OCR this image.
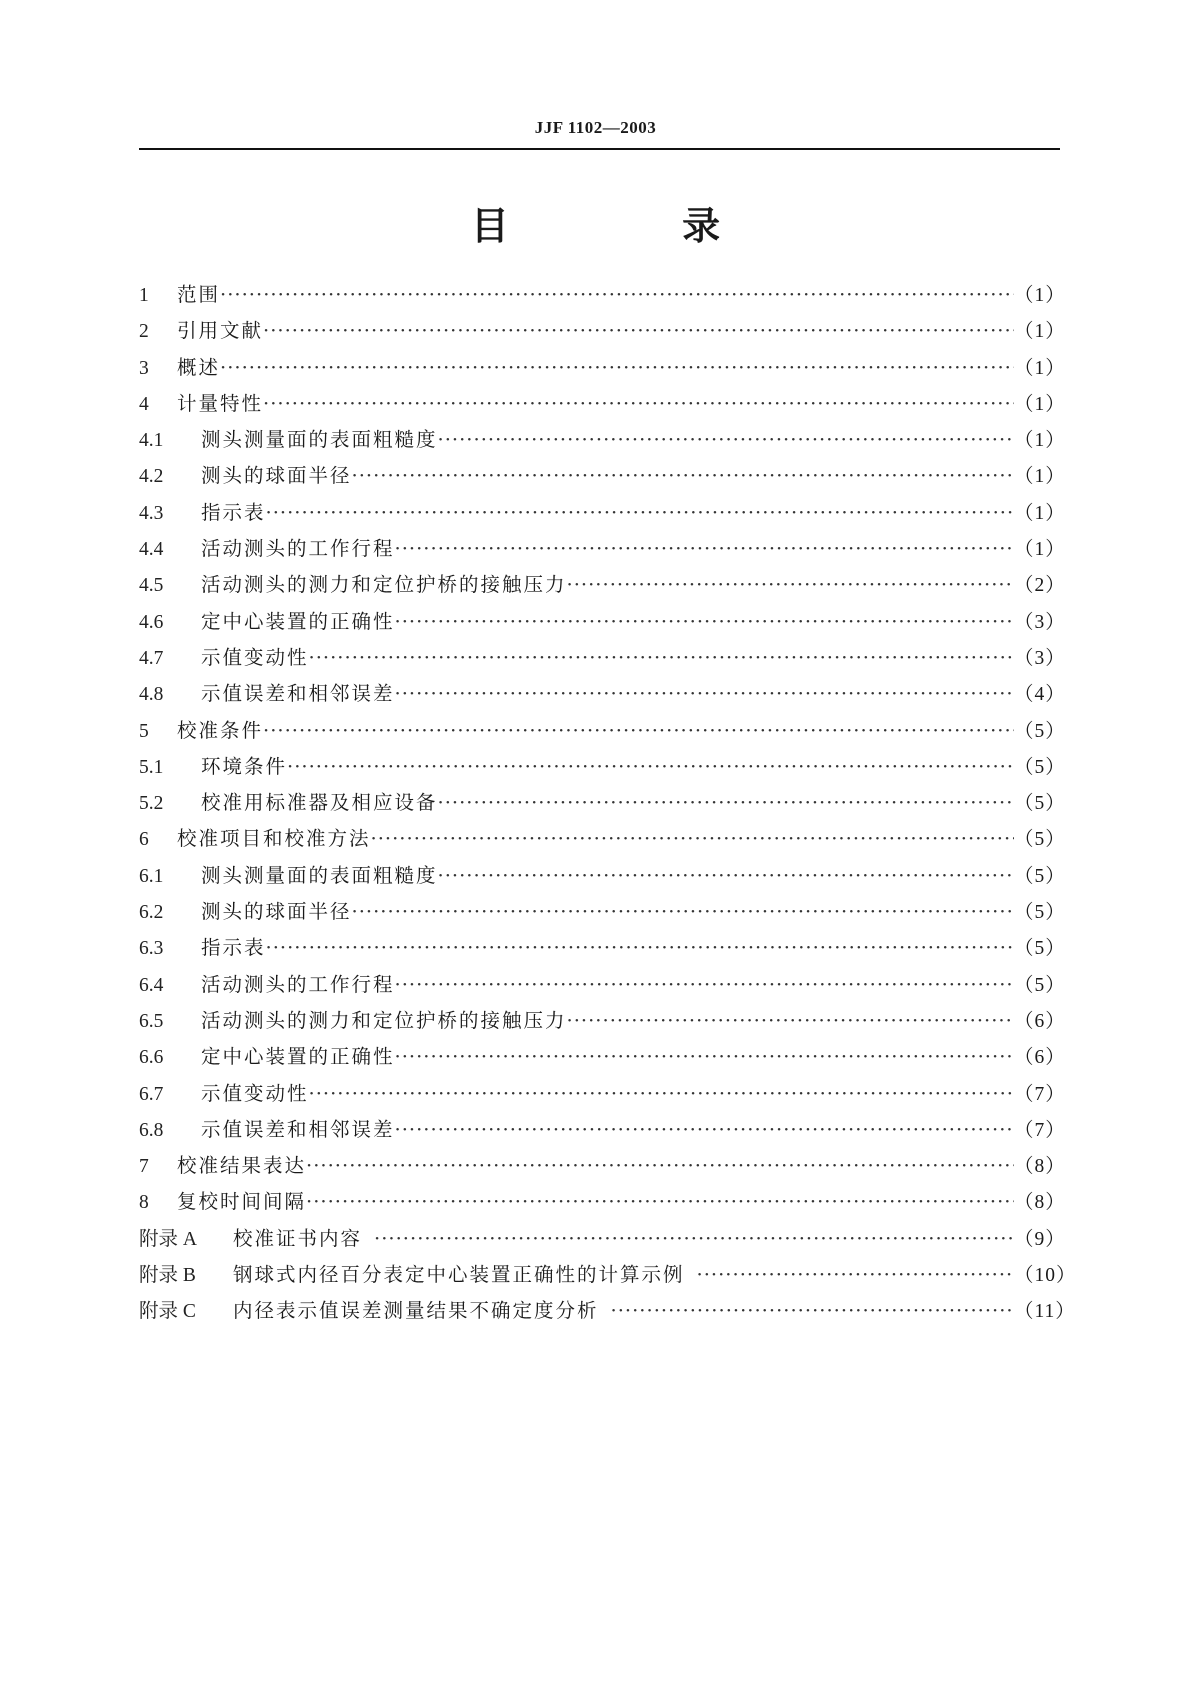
JJF 1102—2003
目 录
1	范围 ·····	（1）
2	引用文献 ·····	（1）
3	概述 ·····	（1）
4	计量特性 ·····	（1）
4.1	测头测量面的表面粗糙度 ·····	（1）
4.2	测头的球面半径 ·····	（1）
4.3	指示表 ·····	（1）
4.4	活动测头的工作行程 ·····	（1）
4.5	活动测头的测力和定位护桥的接触压力 ·····	（2）
4.6	定中心装置的正确性 ·····	（3）
4.7	示值变动性 ·····	（3）
4.8	示值误差和相邻误差 ·····	（4）
5	校准条件 ·····	（5）
5.1	环境条件 ·····	（5）
5.2	校准用标准器及相应设备 ·····	（5）
6	校准项目和校准方法 ·····	（5）
6.1	测头测量面的表面粗糙度 ·····	（5）
6.2	测头的球面半径 ·····	（5）
6.3	指示表 ·····	（5）
6.4	活动测头的工作行程 ·····	（5）
6.5	活动测头的测力和定位护桥的接触压力 ·····	（6）
6.6	定中心装置的正确性 ·····	（6）
6.7	示值变动性 ·····	（7）
6.8	示值误差和相邻误差 ·····	（7）
7	校准结果表达 ·····	（8）
8	复校时间间隔 ·····	（8）
附录 A	校准证书内容 ·····	（9）
附录 B	钢球式内径百分表定中心装置正确性的计算示例 ·····	（10）
附录 C	内径表示值误差测量结果不确定度分析 ·····	（11）
